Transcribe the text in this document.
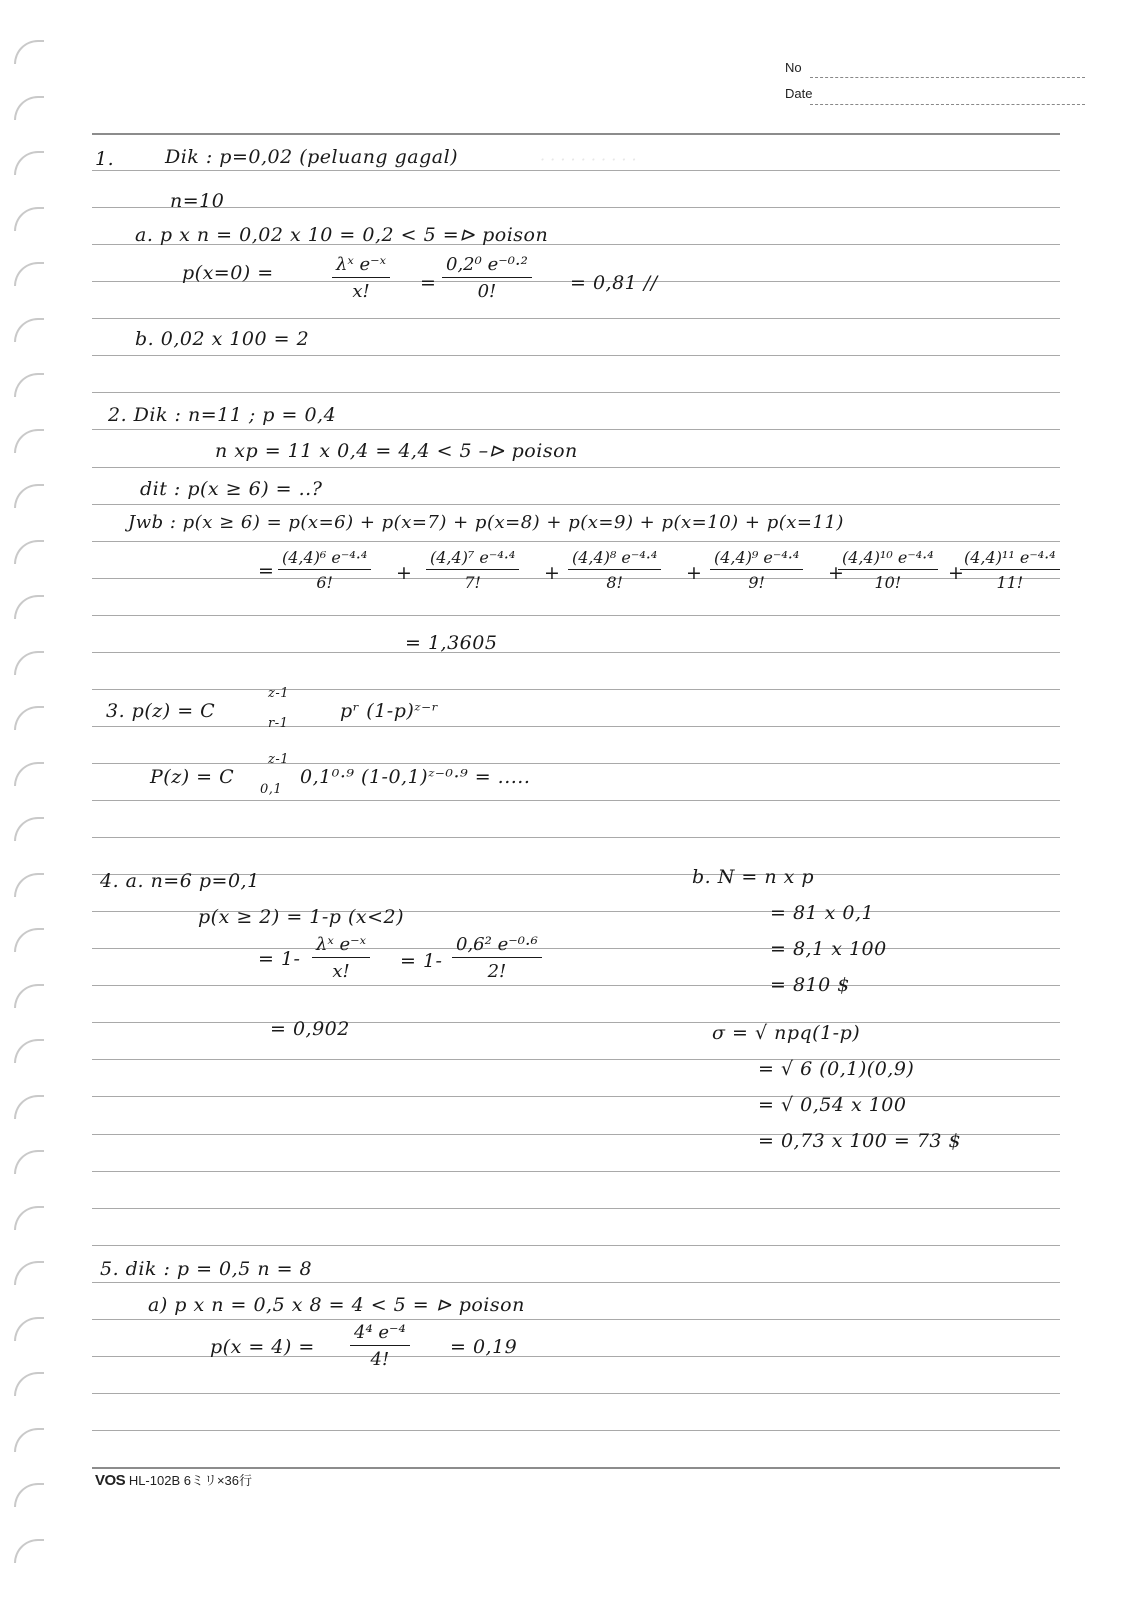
No
Date
· · · · · · · · · ·
1.	Dik : p=0,02 (peluang gagal)
n=10
a. p x n = 0,02 x 10 = 0,2 < 5 =⊳ poison
p(x=0) =	$\frac{\text{λˣ e⁻ˣ}}{x!} = \frac{\text{0,2⁰ e⁻⁰·²}}{0!} = 0,81$ //
b. 0,02 x 100 = 2
2. Dik : n=11 ; p = 0,4
n xp = 11 x 0,4 = 4,4 < 5 –⊳ poison
dit : p(x ≥ 6) = ..?
Jwb : p(x ≥ 6) = p(x=6) + p(x=7) + p(x=8) + p(x=9) + p(x=10) + p(x=11)
= $\frac{\text{(4,4)⁶ e⁻⁴·⁴}}{6!} + \frac{\text{(4,4)⁷ e⁻⁴·⁴}}{7!} + \frac{\text{(4,4)⁸ e⁻⁴·⁴}}{8!} + \frac{\text{(4,4)⁹ e⁻⁴·⁴}}{9!}$ +
$\frac{\text{(4,4)¹⁰ e⁻⁴·⁴}}{10!}$ +
$\frac{\text{(4,4)¹¹ e⁻⁴·⁴}}{11!}$
= 1,3605
3. p(z) = C
z-1
r-1
pʳ (1-p)ᶻ⁻ʳ
P(z) = C
z-1
0,1
0,1⁰·⁹ (1-0,1)ᶻ⁻⁰·⁹ = .....
4. a. n=6 p=0,1
p(x ≥ 2) = 1-p (x<2)
= $1- \frac{\text{λˣ e⁻ˣ}}{x!} = 1- \frac{\text{0,6² e⁻⁰·⁶}}{2!}$
= 0,902
b. N = n x p
= 81 x 0,1
= 8,1 x 100
= 810 $
σ = √ npq(1-p)
= √ 6 (0,1)(0,9)
= √ 0,54 x 100
= 0,73 x 100 = 73 $
5. dik : p = 0,5 n = 8
a) p x n = 0,5 x 8 = 4 < 5 = ⊳ poison
$p(x = 4) = \frac{\text{4⁴ e⁻⁴}}{4!} = 0,19$
VOS HL-102B 6ミリ×36行
